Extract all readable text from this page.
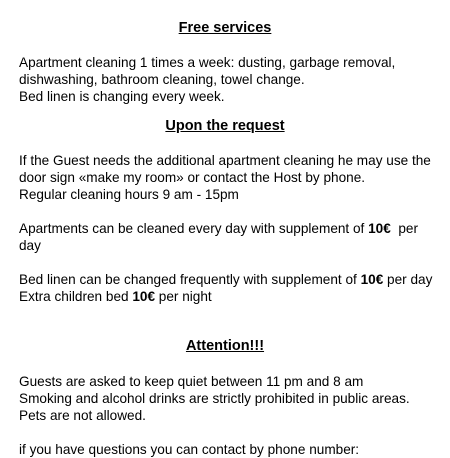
Free services

Apartment cleaning 1 times a week: dusting, garbage removal,
dishwashing, bathroom cleaning, towel change.
Bed linen is changing every week.

Upon the request

If the Guest needs the additional apartment cleaning he may use the
door sign «make my room» or contact the Host by phone.
Regular cleaning hours 9 am - 15pm

Apartments can be cleaned every day with supplement of 10€  per
day

Bed linen can be changed frequently with supplement of 10€ per day
Extra children bed 10€ per night

Attention!!!

Guests are asked to keep quiet between 11 pm and 8 am
Smoking and alcohol drinks are strictly prohibited in public areas.
Pets are not allowed.

if you have questions you can contact by phone number:
